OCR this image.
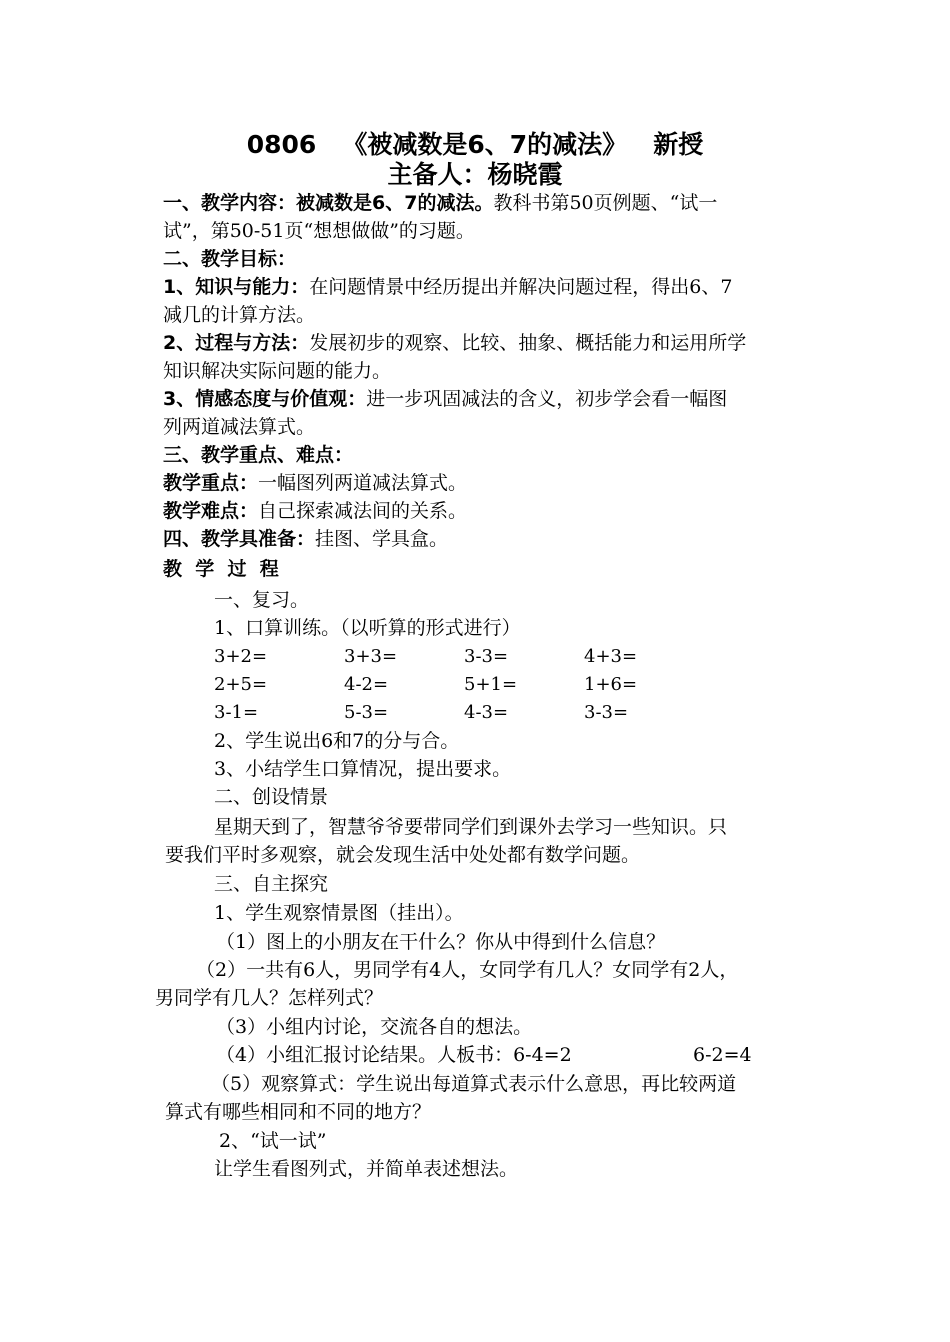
0806   《被减数是6、7的减法》   新授
主备人：杨晓霞
一、教学内容：被减数是6、7的减法。教科书第50页例题、“试一
试”，第50-51页“想想做做”的习题。
二、教学目标：
1、知识与能力：在问题情景中经历提出并解决问题过程，得出6、7
减几的计算方法。
2、过程与方法：发展初步的观察、比较、抽象、概括能力和运用所学
知识解决实际问题的能力。
3、情感态度与价值观：进一步巩固减法的含义，初步学会看一幅图
列两道减法算式。
三、教学重点、难点：
教学重点：一幅图列两道减法算式。
教学难点：自己探索减法间的关系。
四、教学具准备：挂图、学具盒。
教  学  过  程
一、复习。
1、口算训练。（以听算的形式进行）
3+2=	3+3=	3-3=	4+3=
2+5=	4-2=	5+1=	1+6=
3-1=	5-3=	4-3=	3-3=
2、学生说出6和7的分与合。
3、小结学生口算情况，提出要求。
二、创设情景
星期天到了，智慧爷爷要带同学们到课外去学习一些知识。只
要我们平时多观察，就会发现生活中处处都有数学问题。
三、自主探究
1、学生观察情景图（挂出）。
（1）图上的小朋友在干什么？你从中得到什么信息？
（2）一共有6人，男同学有4人，女同学有几人？女同学有2人，
男同学有几人？怎样列式？
（3）小组内讨论，交流各自的想法。
（4）小组汇报讨论结果。人板书：6-4=2	6-2=4
（5）观察算式：学生说出每道算式表示什么意思，再比较两道
算式有哪些相同和不同的地方？
2、“试一试”
让学生看图列式，并简单表述想法。
